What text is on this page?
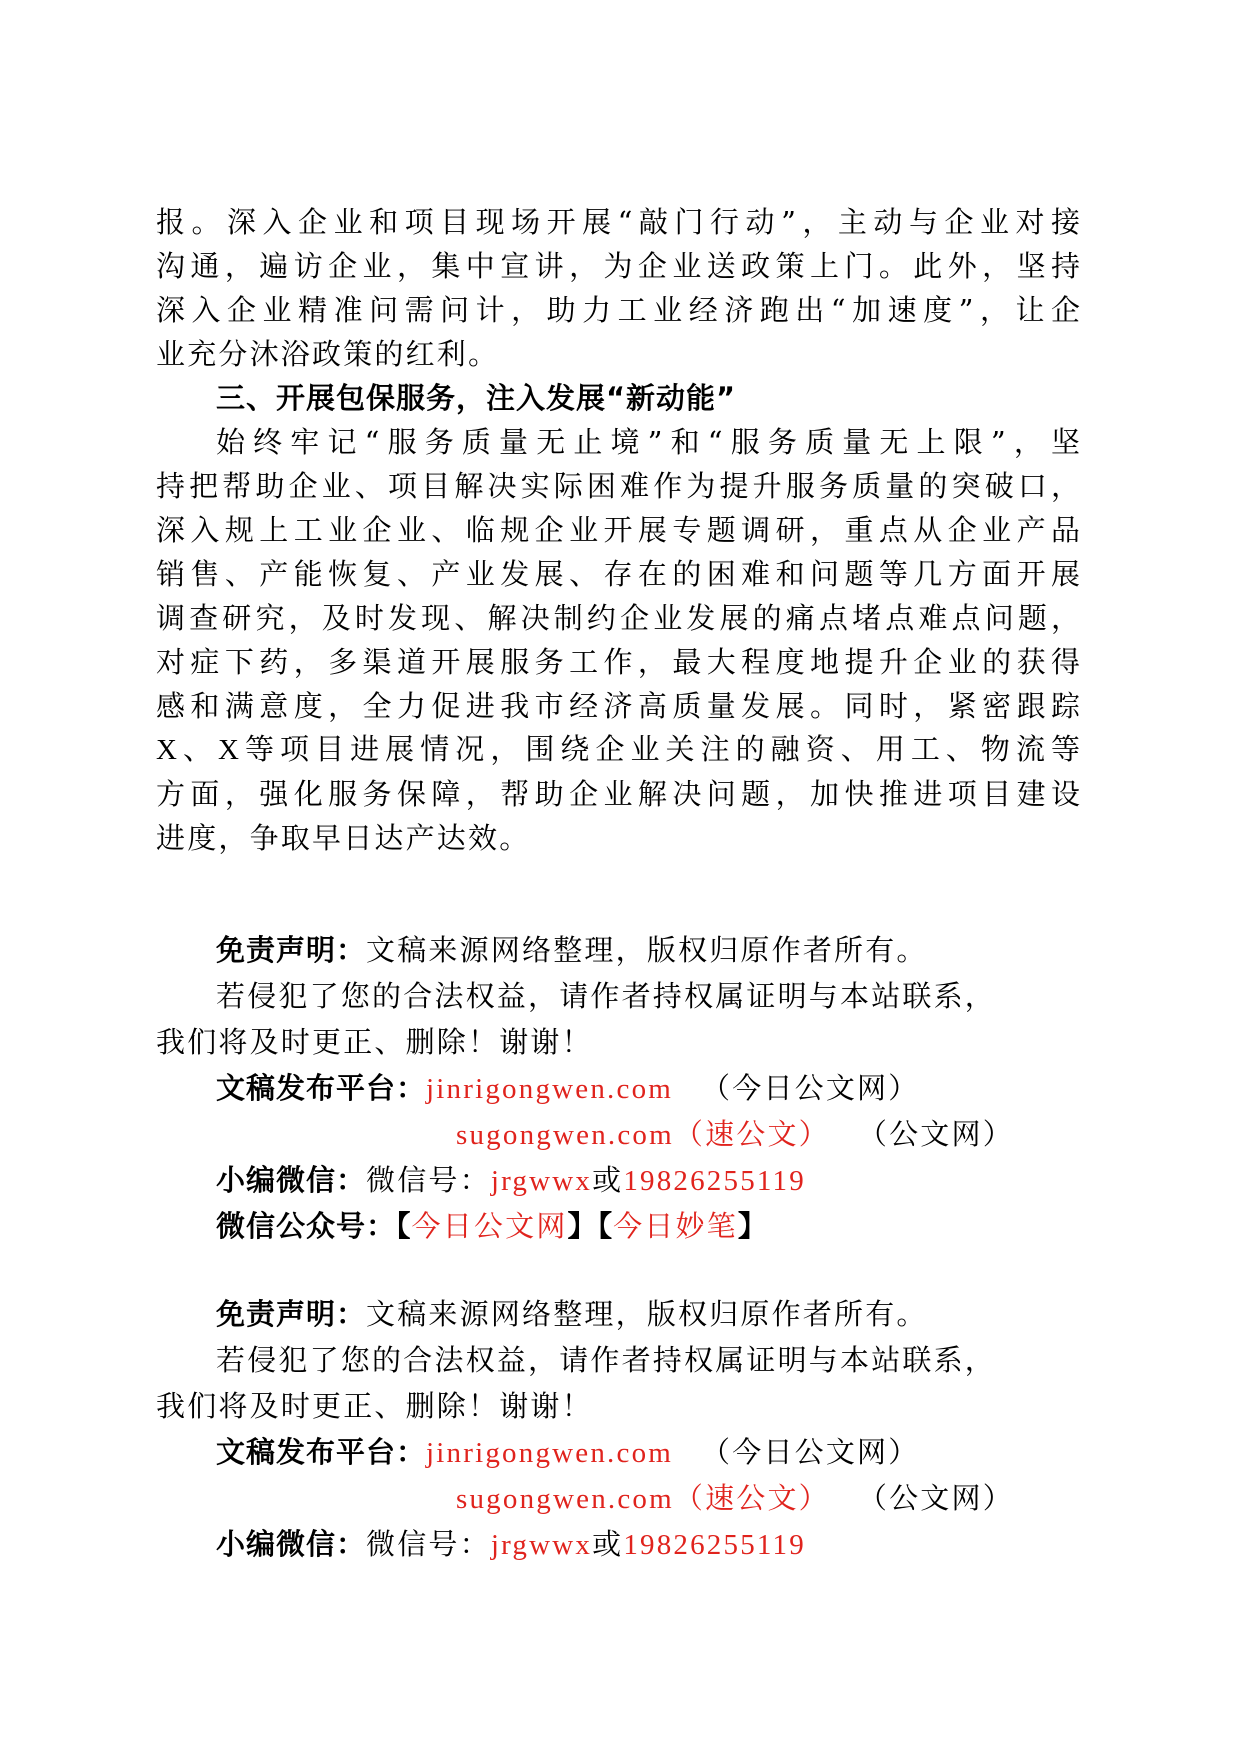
报。深入企业和项目现场开展“敲门行动”，主动与企业对接
沟通，遍访企业，集中宣讲，为企业送政策上门。此外，坚持
深入企业精准问需问计，助力工业经济跑出“加速度”，让企
业充分沐浴政策的红利。
三、开展包保服务，注入发展“新动能”
始终牢记“服务质量无止境”和“服务质量无上限”，坚
持把帮助企业、项目解决实际困难作为提升服务质量的突破口，
深入规上工业企业、临规企业开展专题调研，重点从企业产品
销售、产能恢复、产业发展、存在的困难和问题等几方面开展
调查研究，及时发现、解决制约企业发展的痛点堵点难点问题，
对症下药，多渠道开展服务工作，最大程度地提升企业的获得
感和满意度，全力促进我市经济高质量发展。同时，紧密跟踪
X、X等项目进展情况，围绕企业关注的融资、用工、物流等
方面，强化服务保障，帮助企业解决问题，加快推进项目建设
进度，争取早日达产达效。
免责声明：文稿来源网络整理，版权归原作者所有。
若侵犯了您的合法权益，请作者持权属证明与本站联系，
我们将及时更正、删除！谢谢！
文稿发布平台：jinrigongwen.com （今日公文网）
sugongwen.com（速公文） （公文网）
小编微信：微信号：jrgwwx或19826255119
微信公众号：【今日公文网】【今日妙笔】
免责声明：文稿来源网络整理，版权归原作者所有。
若侵犯了您的合法权益，请作者持权属证明与本站联系，
我们将及时更正、删除！谢谢！
文稿发布平台：jinrigongwen.com （今日公文网）
sugongwen.com（速公文） （公文网）
小编微信：微信号：jrgwwx或19826255119
